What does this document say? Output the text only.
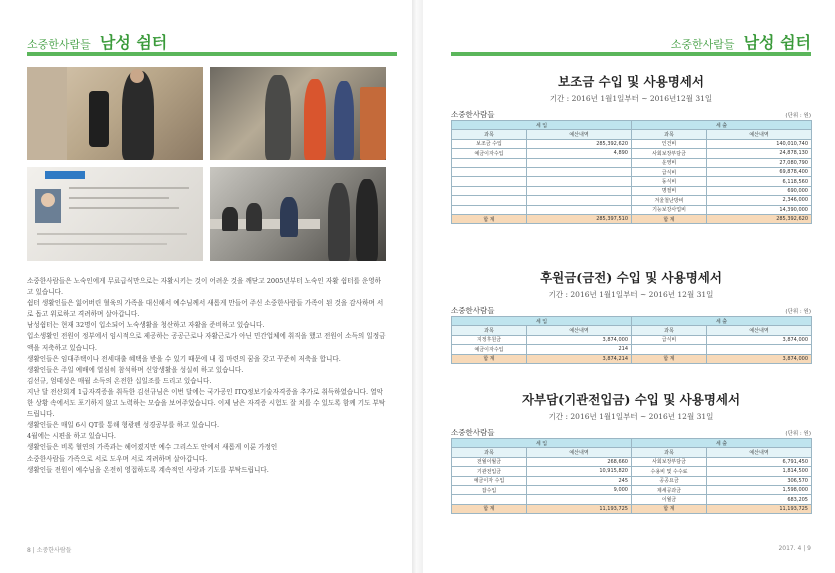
소중한사람들 남성 쉼터

소중한사람들은 노숙인에게 무료급식만으로는 자활시키는 것이 어려운 것을 깨닫고 2005년부터 노숙인 자활 쉼터를 운영하고 있습니다.

쉼터 생활인들은 잃어버린 혈육의 가족을 대신해서 예수님께서 새롭게 만들어 주신 소중한사람들 가족이 된 것을 감사하며 서로 돕고 위로하고 격려하며 살아갑니다.

남성쉼터는 현재 32명이 입소되어 노숙생활을 청산하고 자활을 준비하고 있습니다.

입소생활인 전원이 정부에서 임시적으로 제공하는 공공근로나 자활근로가 아닌 민간업체에 취직을 했고 전원이 소득의 일정금액을 저축하고 있습니다.

생활인들은 임대주택이나 전세대출 혜택을 받을 수 있기 때문에 내 집 마련의 꿈을 갖고 꾸준히 저축을 합니다.

생활인들은 주일 예배에 열심히 참석하며 신앙생활을 성실히 하고 있습니다.

김선규, 엄태성은 매월 소득의 온전한 십일조를 드리고 있습니다.

지난 달 전산회계 1급자격증을 취득한 김선규님은 이번 달에는 국가공인 ITQ정보기술자격증을 추가로 취득하였습니다. 열악한 상황 속에서도 포기하지 않고 노력하는 모습을 보여주었습니다. 이제 남은 자격증 시험도 잘 치를 수 있도록 함께 기도 부탁드립니다.

생활인들은 매일 6시 QT를 통해 형광펜 성경공부를 하고 있습니다.

4월에는 시편을 하고 있습니다.

생활인들은 비록 혈연의 가족과는 헤어졌지만 예수 그리스도 안에서 새롭게 이룬 가정인

소중한사람들 가족으로 서로 도우며 서로 격려하며 살아갑니다.

생활인들 전원이 예수님을 온전히 영접하도록 계속적인 사랑과 기도를 부탁드립니다.

8 | 소중한사람들
소중한사람들 남성 쉼터
보조금 수입 및 사용명세서
기간 : 2016년 1월1일부터 ~ 2016년12월 31일
소중한사람들	(단위 : 원)
세 입		세 출	
과목	예산내역	과목	예산내역
보조금 수입	285,392,620	인건비	140,010,740
예금이자수입	4,890	사회보장부담금	24,878,130
		운영비	27,080,790
		급식비	69,878,400
		동식비	6,118,560
		명절비	690,000
		겨울철난방비	2,346,000
		기능보강사업비	14,390,000
합 계	285,397,510	합 계	285,392,620
후원금(금전) 수입 및 사용명세서
기간 : 2016년 1월1일부터 ~ 2016년 12월 31일
소중한사람들	(단위 : 원)
세 입		세 출	
과목	예산내역	과목	예산내역
지정후원금	3,874,000	급식비	3,874,000
예금이자수입	214		
합 계	3,874,214	합 계	3,874,000
자부담(기관전입금) 수입 및 사용명세서
기간 : 2016년 1월1일부터 ~ 2016년 12월 31일
소중한사람들	(단위 : 원)
세 입		세 출	
과목	예산내역	과목	예산내역
전월이월금	268,660	사회보장부담금	6,791,450
기관전입금	10,915,820	수용비 및 수수료	1,814,500
예금이자 수입	245	공공요금	306,570
잡수입	9,000	제세공과금	1,598,000
		이월금	683,205
합 계	11,193,725	합 계	11,193,725
2017. 4 | 9
